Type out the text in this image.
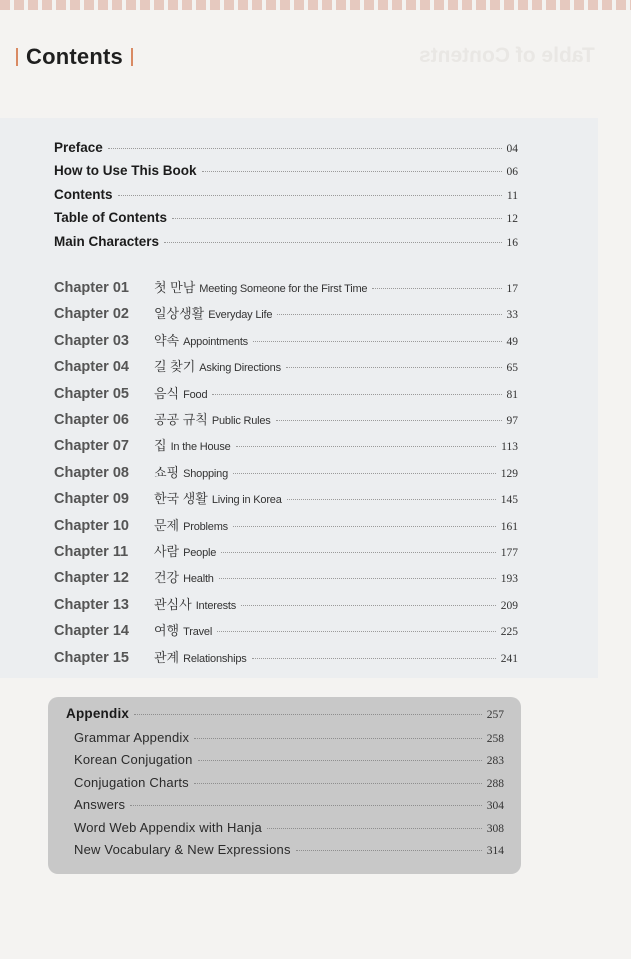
Contents	Table of Contents
Preface	04
How to Use This Book	06
Contents	11
Table of Contents	12
Main Characters	16
Chapter 01	첫 만남 Meeting Someone for the First Time	17
Chapter 02	일상생활 Everyday Life	33
Chapter 03	약속 Appointments	49
Chapter 04	길 찾기 Asking Directions	65
Chapter 05	음식 Food	81
Chapter 06	공공 규칙 Public Rules	97
Chapter 07	집 In the House	113
Chapter 08	쇼핑 Shopping	129
Chapter 09	한국 생활 Living in Korea	145
Chapter 10	문제 Problems	161
Chapter 11	사람 People	177
Chapter 12	건강 Health	193
Chapter 13	관심사 Interests	209
Chapter 14	여행 Travel	225
Chapter 15	관계 Relationships	241
Appendix	257
Grammar Appendix	258
Korean Conjugation	283
Conjugation Charts	288
Answers	304
Word Web Appendix with Hanja	308
New Vocabulary & New Expressions	314
